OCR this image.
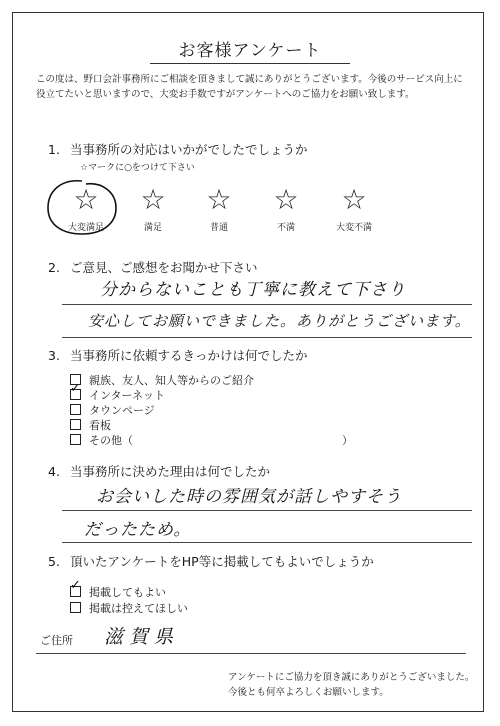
お客様アンケート
この度は、野口会計事務所にご相談を頂きまして誠にありがとうございます。今後のサービス向上に役立てたいと思いますので、大変お手数ですがアンケートへのご協力をお願い致します。
1. 当事務所の対応はいかがでしたでしょうか
☆マークに○をつけて下さい
☆
大変満足
☆
満足
☆
普通
☆
不満
☆
大変不満
2. ご意見、ご感想をお聞かせ下さい
分からないことも丁寧に教えて下さり
安心してお願いできました。ありがとうございます。
3. 当事務所に依頼するきっかけは何でしたか
親族、友人、知人等からのご紹介
✓ インターネット
タウンページ
看板
その他（	）
4. 当事務所に決めた理由は何でしたか
お会いした時の雰囲気が話しやすそう
だったため。
5. 頂いたアンケートをHP等に掲載してもよいでしょうか
✓ 掲載してもよい
掲載は控えてほしい
ご住所 滋賀県
アンケートにご協力を頂き誠にありがとうございました。
今後とも何卒よろしくお願いします。
